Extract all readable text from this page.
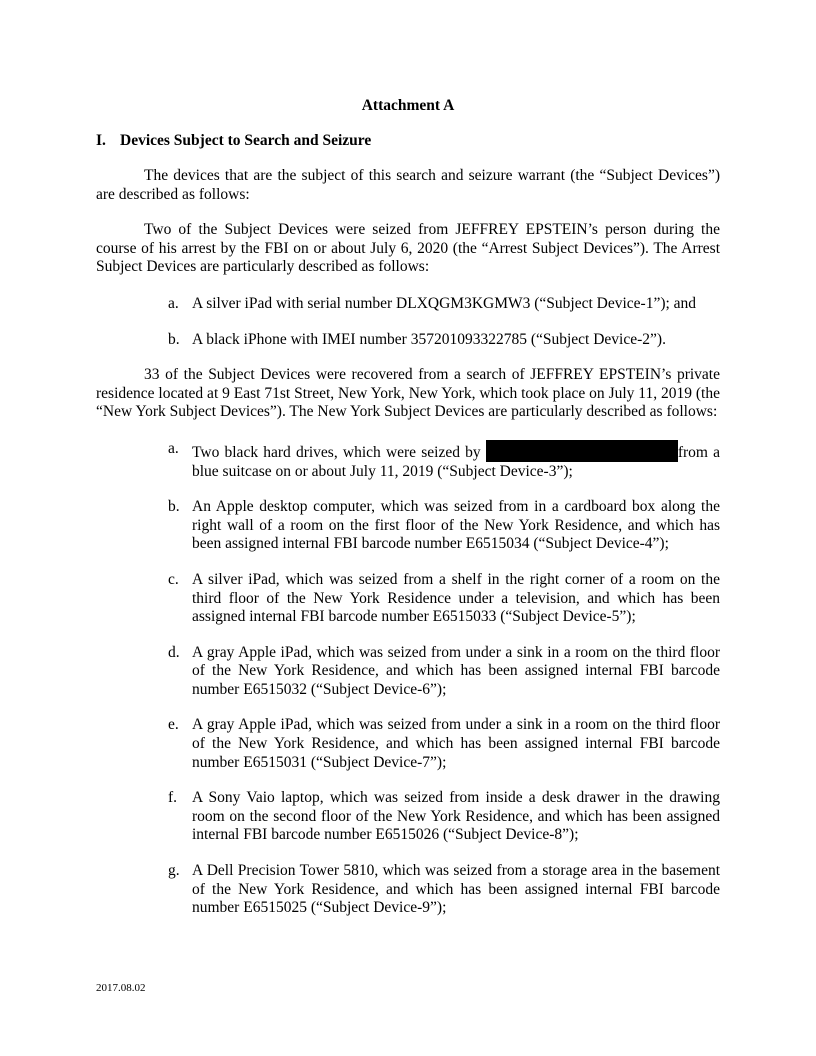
Attachment A

I. Devices Subject to Search and Seizure

The devices that are the subject of this search and seizure warrant (the “Subject Devices”) are described as follows:

Two of the Subject Devices were seized from JEFFREY EPSTEIN’s person during the course of his arrest by the FBI on or about July 6, 2020 (the “Arrest Subject Devices”). The Arrest Subject Devices are particularly described as follows:

a. A silver iPad with serial number DLXQGM3KGMW3 (“Subject Device-1”); and
b. A black iPhone with IMEI number 357201093322785 (“Subject Device-2”).

33 of the Subject Devices were recovered from a search of JEFFREY EPSTEIN’s private residence located at 9 East 71st Street, New York, New York, which took place on July 11, 2019 (the “New York Subject Devices”). The New York Subject Devices are particularly described as follows:

a. Two black hard drives, which were seized by	from a blue suitcase on or about July 11, 2019 (“Subject Device-3”);
b. An Apple desktop computer, which was seized from in a cardboard box along the right wall of a room on the first floor of the New York Residence, and which has been assigned internal FBI barcode number E6515034 (“Subject Device-4”);
c. A silver iPad, which was seized from a shelf in the right corner of a room on the third floor of the New York Residence under a television, and which has been assigned internal FBI barcode number E6515033 (“Subject Device-5”);
d. A gray Apple iPad, which was seized from under a sink in a room on the third floor of the New York Residence, and which has been assigned internal FBI barcode number E6515032 (“Subject Device-6”);
e. A gray Apple iPad, which was seized from under a sink in a room on the third floor of the New York Residence, and which has been assigned internal FBI barcode number E6515031 (“Subject Device-7”);
f. A Sony Vaio laptop, which was seized from inside a desk drawer in the drawing room on the second floor of the New York Residence, and which has been assigned internal FBI barcode number E6515026 (“Subject Device-8”);
g. A Dell Precision Tower 5810, which was seized from a storage area in the basement of the New York Residence, and which has been assigned internal FBI barcode number E6515025 (“Subject Device-9”);
2017.08.02
